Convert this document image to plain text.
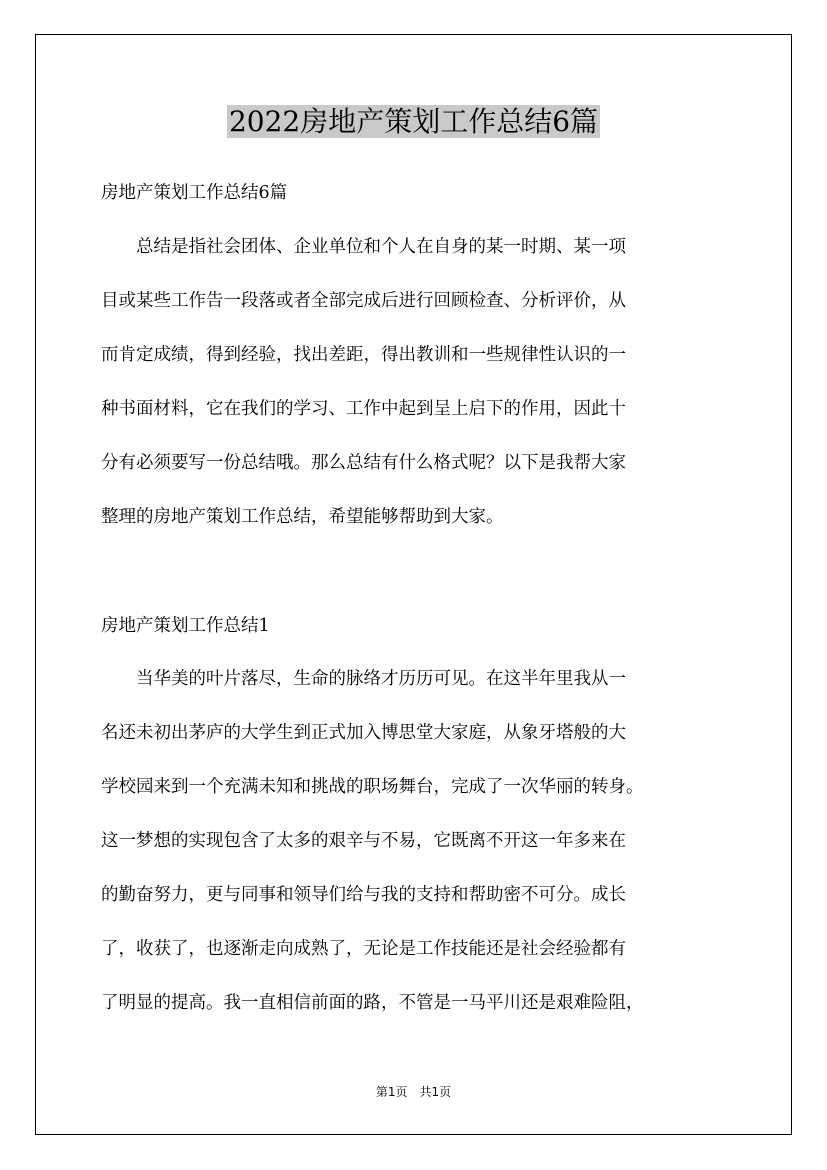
2022房地产策划工作总结6篇

房地产策划工作总结6篇

　　总结是指社会团体、企业单位和个人在自身的某一时期、某一项
目或某些工作告一段落或者全部完成后进行回顾检查、分析评价，从
而肯定成绩，得到经验，找出差距，得出教训和一些规律性认识的一
种书面材料，它在我们的学习、工作中起到呈上启下的作用，因此十
分有必须要写一份总结哦。那么总结有什么格式呢？以下是我帮大家
整理的房地产策划工作总结，希望能够帮助到大家。

房地产策划工作总结1

　　当华美的叶片落尽，生命的脉络才历历可见。在这半年里我从一
名还未初出茅庐的大学生到正式加入博思堂大家庭，从象牙塔般的大
学校园来到一个充满未知和挑战的职场舞台，完成了一次华丽的转身。
这一梦想的实现包含了太多的艰辛与不易，它既离不开这一年多来在
的勤奋努力，更与同事和领导们给与我的支持和帮助密不可分。成长
了，收获了，也逐渐走向成熟了，无论是工作技能还是社会经验都有
了明显的提高。我一直相信前面的路，不管是一马平川还是艰难险阻，
第1页　共1页
